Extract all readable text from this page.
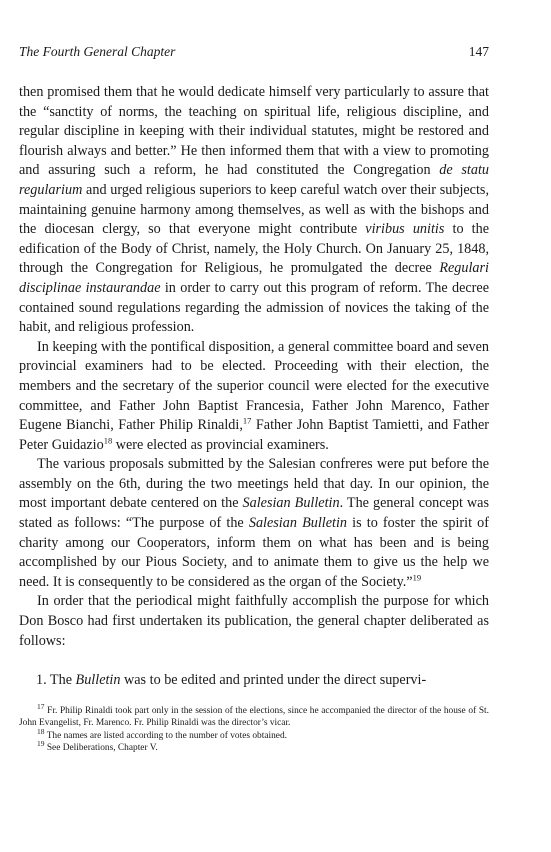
The Fourth General Chapter	147

then promised them that he would dedicate himself very particularly to assure that the “sanctity of norms, the teaching on spiritual life, religious discipline, and regular discipline in keeping with their individual statutes, might be restored and flourish always and better.” He then informed them that with a view to promoting and assuring such a reform, he had constituted the Congregation de statu regularium and urged religious superiors to keep careful watch over their subjects, maintaining genuine harmony among themselves, as well as with the bishops and the diocesan clergy, so that everyone might contribute viribus unitis to the edification of the Body of Christ, namely, the Holy Church. On January 25, 1848, through the Congregation for Religious, he promulgated the decree Regulari disciplinae instaurandae in order to carry out this program of reform. The decree contained sound regulations regarding the admission of novices the taking of the habit, and religious profession.

In keeping with the pontifical disposition, a general committee board and seven provincial examiners had to be elected. Proceeding with their election, the members and the secretary of the superior council were elected for the executive committee, and Father John Baptist Francesia, Father John Marenco, Father Eugene Bianchi, Father Philip Rinaldi,$^{17}$ Father John Baptist Tamietti, and Father Peter Guidazio$^{18}$ were elected as provincial examiners.

The various proposals submitted by the Salesian confreres were put before the assembly on the 6th, during the two meetings held that day. In our opinion, the most important debate centered on the Salesian Bulletin. The general concept was stated as follows: “The purpose of the Salesian Bulletin is to foster the spirit of charity among our Cooperators, inform them on what has been and is being accomplished by our Pious Society, and to animate them to give us the help we need. It is consequently to be considered as the organ of the Society.”$^{19}$

In order that the periodical might faithfully accomplish the purpose for which Don Bosco had first undertaken its publication, the general chapter deliberated as follows:

1. The Bulletin was to be edited and printed under the direct supervi-

$^{17}$ Fr. Philip Rinaldi took part only in the session of the elections, since he accompanied the director of the house of St. John Evangelist, Fr. Marenco. Fr. Philip Rinaldi was the director’s vicar.

$^{18}$ The names are listed according to the number of votes obtained.

$^{19}$ See Deliberations, Chapter V.
